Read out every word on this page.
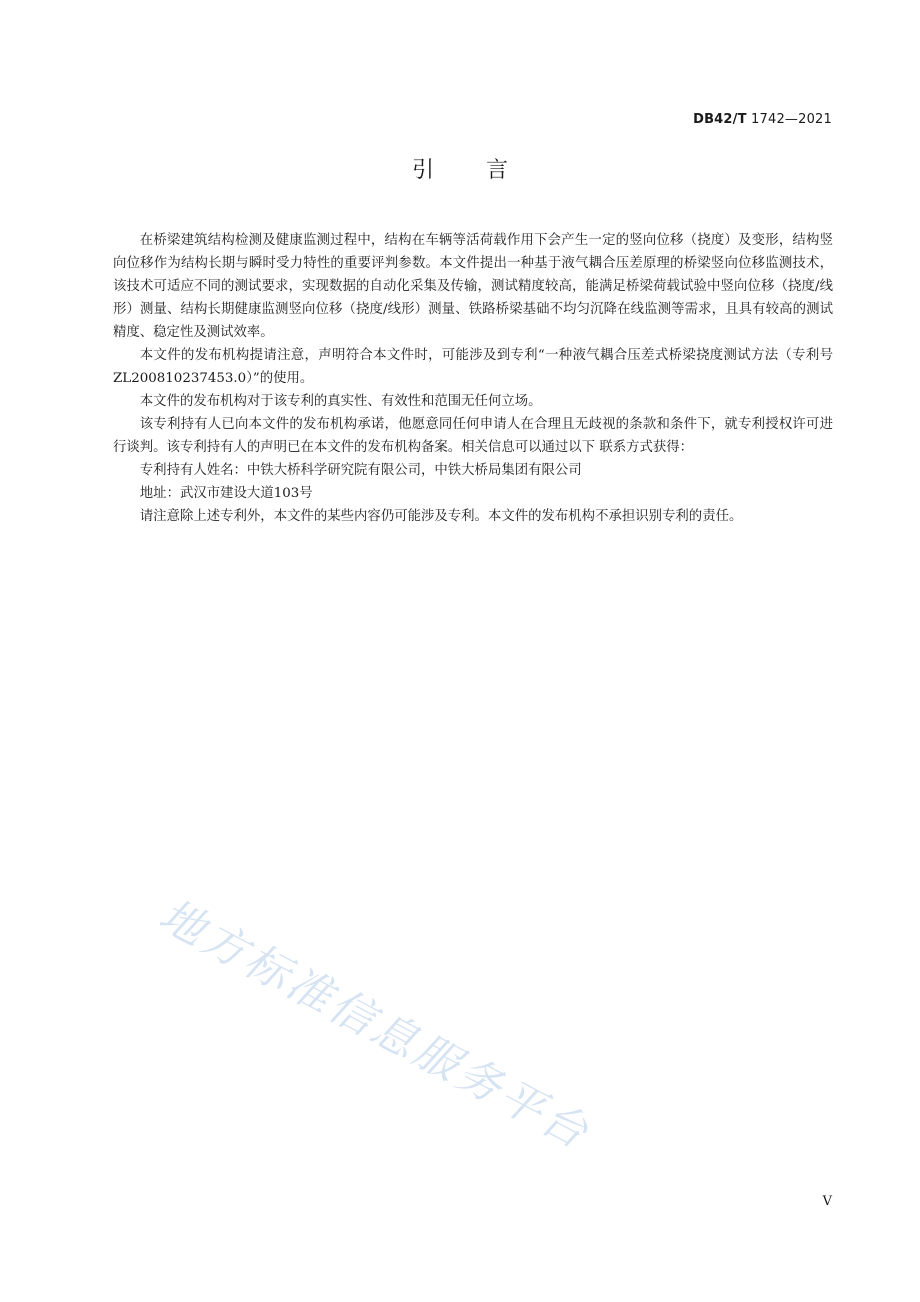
DB42/T 1742—2021
引言

在桥梁建筑结构检测及健康监测过程中，结构在车辆等活荷载作用下会产生一定的竖向位移（挠度）及变形，结构竖向位移作为结构长期与瞬时受力特性的重要评判参数。本文件提出一种基于液气耦合压差原理的桥梁竖向位移监测技术，该技术可适应不同的测试要求，实现数据的自动化采集及传输，测试精度较高，能满足桥梁荷载试验中竖向位移（挠度/线形）测量、结构长期健康监测竖向位移（挠度/线形）测量、铁路桥梁基础不均匀沉降在线监测等需求，且具有较高的测试精度、稳定性及测试效率。

本文件的发布机构提请注意，声明符合本文件时，可能涉及到专利“一种液气耦合压差式桥梁挠度测试方法（专利号ZL200810237453.0）”的使用。

本文件的发布机构对于该专利的真实性、有效性和范围无任何立场。

该专利持有人已向本文件的发布机构承诺，他愿意同任何申请人在合理且无歧视的条款和条件下，就专利授权许可进行谈判。该专利持有人的声明已在本文件的发布机构备案。相关信息可以通过以下 联系方式获得：

专利持有人姓名：中铁大桥科学研究院有限公司，中铁大桥局集团有限公司

地址：武汉市建设大道103号

请注意除上述专利外，本文件的某些内容仍可能涉及专利。本文件的发布机构不承担识别专利的责任。

地方标准信息服务平台
V
